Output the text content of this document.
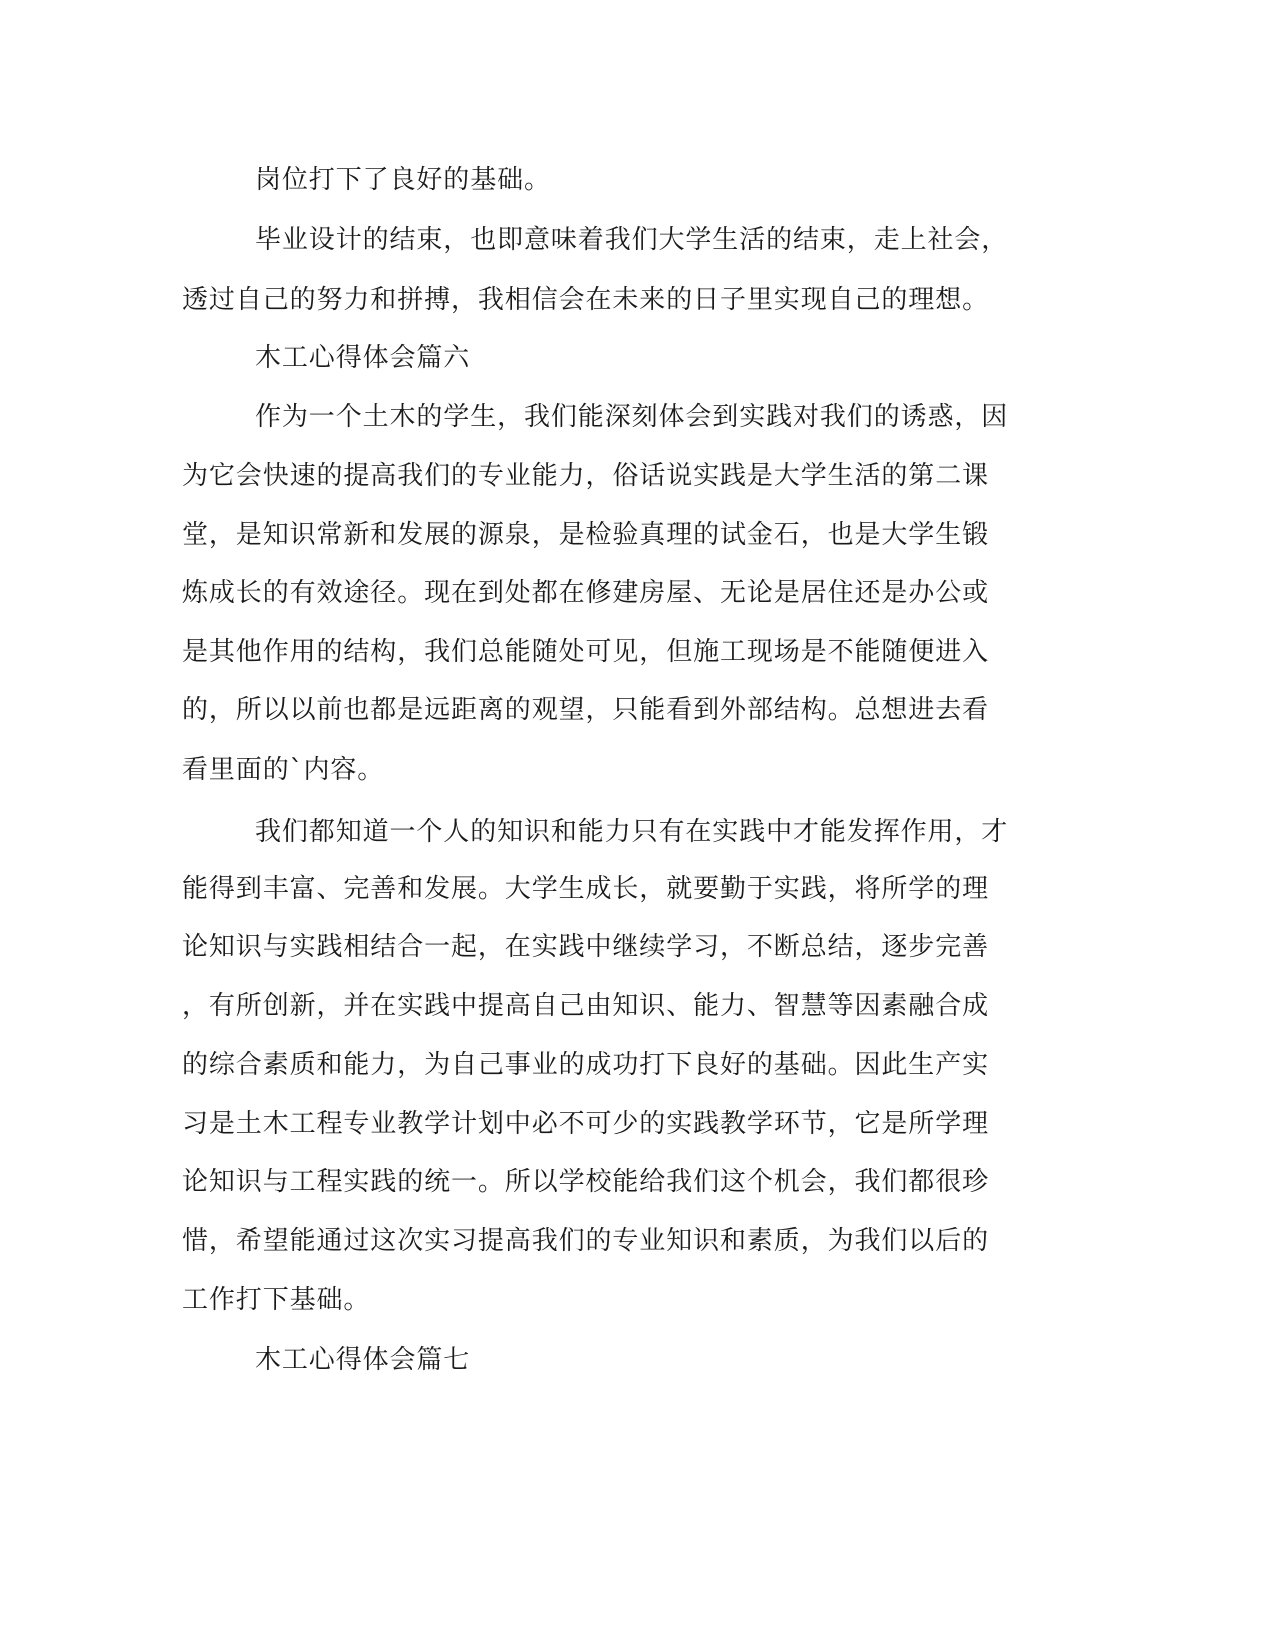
岗位打下了良好的基础。
毕业设计的结束，也即意味着我们大学生活的结束，走上社会，
透过自己的努力和拼搏，我相信会在未来的日子里实现自己的理想。
木工心得体会篇六
作为一个土木的学生，我们能深刻体会到实践对我们的诱惑，因
为它会快速的提高我们的专业能力，俗话说实践是大学生活的第二课
堂，是知识常新和发展的源泉，是检验真理的试金石，也是大学生锻
炼成长的有效途径。现在到处都在修建房屋、无论是居住还是办公或
是其他作用的结构，我们总能随处可见，但施工现场是不能随便进入
的，所以以前也都是远距离的观望，只能看到外部结构。总想进去看
看里面的`内容。
我们都知道一个人的知识和能力只有在实践中才能发挥作用，才
能得到丰富、完善和发展。大学生成长，就要勤于实践，将所学的理
论知识与实践相结合一起，在实践中继续学习，不断总结，逐步完善
，有所创新，并在实践中提高自己由知识、能力、智慧等因素融合成
的综合素质和能力，为自己事业的成功打下良好的基础。因此生产实
习是土木工程专业教学计划中必不可少的实践教学环节，它是所学理
论知识与工程实践的统一。所以学校能给我们这个机会，我们都很珍
惜，希望能通过这次实习提高我们的专业知识和素质，为我们以后的
工作打下基础。
木工心得体会篇七
